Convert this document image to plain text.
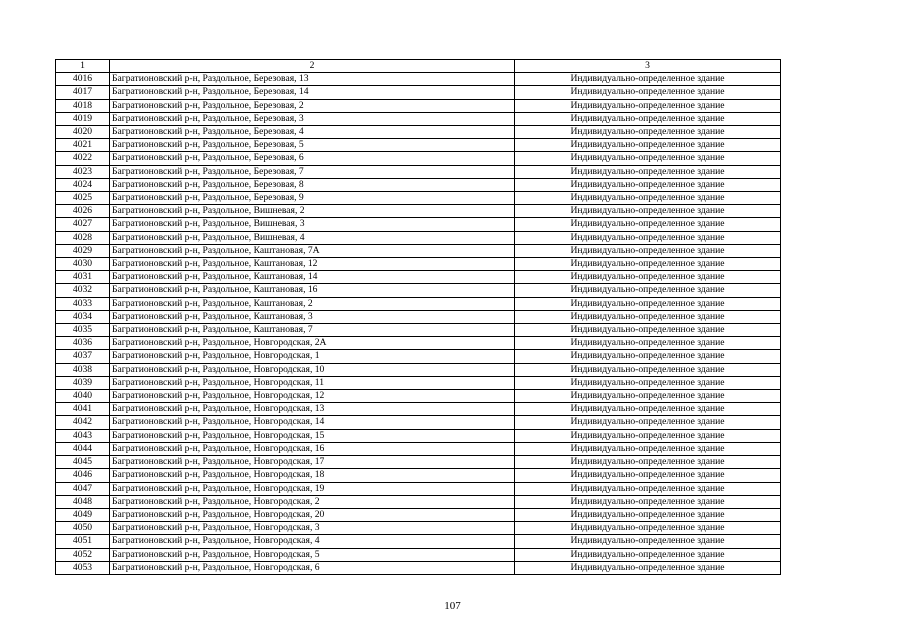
1	2	3
4016	Багратионовский р-н, Раздольное, Березовая, 13	Индивидуально-определенное здание
4017	Багратионовский р-н, Раздольное, Березовая, 14	Индивидуально-определенное здание
4018	Багратионовский р-н, Раздольное, Березовая, 2	Индивидуально-определенное здание
4019	Багратионовский р-н, Раздольное, Березовая, 3	Индивидуально-определенное здание
4020	Багратионовский р-н, Раздольное, Березовая, 4	Индивидуально-определенное здание
4021	Багратионовский р-н, Раздольное, Березовая, 5	Индивидуально-определенное здание
4022	Багратионовский р-н, Раздольное, Березовая, 6	Индивидуально-определенное здание
4023	Багратионовский р-н, Раздольное, Березовая, 7	Индивидуально-определенное здание
4024	Багратионовский р-н, Раздольное, Березовая, 8	Индивидуально-определенное здание
4025	Багратионовский р-н, Раздольное, Березовая, 9	Индивидуально-определенное здание
4026	Багратионовский р-н, Раздольное, Вишневая, 2	Индивидуально-определенное здание
4027	Багратионовский р-н, Раздольное, Вишневая, 3	Индивидуально-определенное здание
4028	Багратионовский р-н, Раздольное, Вишневая, 4	Индивидуально-определенное здание
4029	Багратионовский р-н, Раздольное, Каштановая, 7А	Индивидуально-определенное здание
4030	Багратионовский р-н, Раздольное, Каштановая, 12	Индивидуально-определенное здание
4031	Багратионовский р-н, Раздольное, Каштановая, 14	Индивидуально-определенное здание
4032	Багратионовский р-н, Раздольное, Каштановая, 16	Индивидуально-определенное здание
4033	Багратионовский р-н, Раздольное, Каштановая, 2	Индивидуально-определенное здание
4034	Багратионовский р-н, Раздольное, Каштановая, 3	Индивидуально-определенное здание
4035	Багратионовский р-н, Раздольное, Каштановая, 7	Индивидуально-определенное здание
4036	Багратионовский р-н, Раздольное, Новгородская, 2А	Индивидуально-определенное здание
4037	Багратионовский р-н, Раздольное, Новгородская, 1	Индивидуально-определенное здание
4038	Багратионовский р-н, Раздольное, Новгородская, 10	Индивидуально-определенное здание
4039	Багратионовский р-н, Раздольное, Новгородская, 11	Индивидуально-определенное здание
4040	Багратионовский р-н, Раздольное, Новгородская, 12	Индивидуально-определенное здание
4041	Багратионовский р-н, Раздольное, Новгородская, 13	Индивидуально-определенное здание
4042	Багратионовский р-н, Раздольное, Новгородская, 14	Индивидуально-определенное здание
4043	Багратионовский р-н, Раздольное, Новгородская, 15	Индивидуально-определенное здание
4044	Багратионовский р-н, Раздольное, Новгородская, 16	Индивидуально-определенное здание
4045	Багратионовский р-н, Раздольное, Новгородская, 17	Индивидуально-определенное здание
4046	Багратионовский р-н, Раздольное, Новгородская, 18	Индивидуально-определенное здание
4047	Багратионовский р-н, Раздольное, Новгородская, 19	Индивидуально-определенное здание
4048	Багратионовский р-н, Раздольное, Новгородская, 2	Индивидуально-определенное здание
4049	Багратионовский р-н, Раздольное, Новгородская, 20	Индивидуально-определенное здание
4050	Багратионовский р-н, Раздольное, Новгородская, 3	Индивидуально-определенное здание
4051	Багратионовский р-н, Раздольное, Новгородская, 4	Индивидуально-определенное здание
4052	Багратионовский р-н, Раздольное, Новгородская, 5	Индивидуально-определенное здание
4053	Багратионовский р-н, Раздольное, Новгородская, 6	Индивидуально-определенное здание
107
